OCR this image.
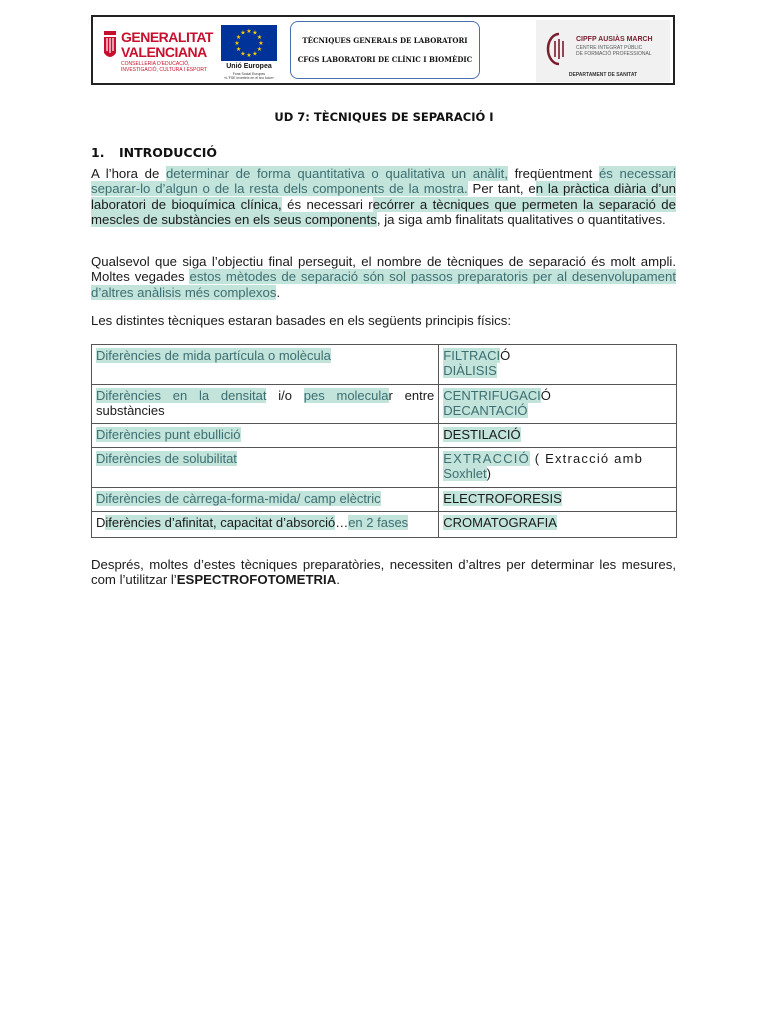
GENERALITAT
VALENCIANA
CONSELLERIA D'EDUCACIÓ, INVESTIGACIÓ, CULTURA I ESPORT
★ ★
★
★
★
★
★
★
★
★
★
★
Unió Europea
Fons Social Europeu
«L'FSE inverteix en el teu futur»
TÈCNIQUES GENERALS DE LABORATORI
CFGS LABORATORI DE CLÍNIC I BIOMÈDIC
CIPFP AUSIÀS MARCH
CENTRE INTEGRAT PÚBLIC
DE FORMACIÓ PROFESSIONAL
DEPARTAMENT DE SANITAT
UD 7: TÈCNIQUES DE SEPARACIÓ I
1. INTRODUCCIÓ
A l’hora de determinar de forma quantitativa o qualitativa un anàlit, freqüentment és necessari separar-lo d’algun o de la resta dels components de la mostra. Per tant, en la pràctica diària d’un laboratori de bioquímica clínica, és necessari recórrer a tècniques que permeten la separació de mescles de substàncies en els seus components, ja siga amb finalitats qualitatives o quantitatives.
Qualsevol que siga l’objectiu final perseguit, el nombre de tècniques de separació és molt ampli. Moltes vegades estos mètodes de separació són sol passos preparatoris per al desenvolupament d’altres anàlisis més complexos.
Les distintes tècniques estaran basades en els següents principis físics:
Diferències de mida partícula o molècula	FILTRACIÓ
DIÀLISIS
Diferències en la densitat i/o pes molecular entre substàncies	CENTRIFUGACIÓ
DECANTACIÓ
Diferències punt ebullició	DESTILACIÓ
Diferències de solubilitat	EXTRACCIÓ ( Extracció amb Soxhlet)
Diferències de càrrega-forma-mida/ camp elèctric	ELECTROFORESIS
Diferències d’afinitat, capacitat d’absorció…en 2 fases	CROMATOGRAFIA
Després, moltes d’estes tècniques preparatòries, necessiten d’altres per determinar les mesures, com l’utilitzar l’ESPECTROFOTOMETRIA.
